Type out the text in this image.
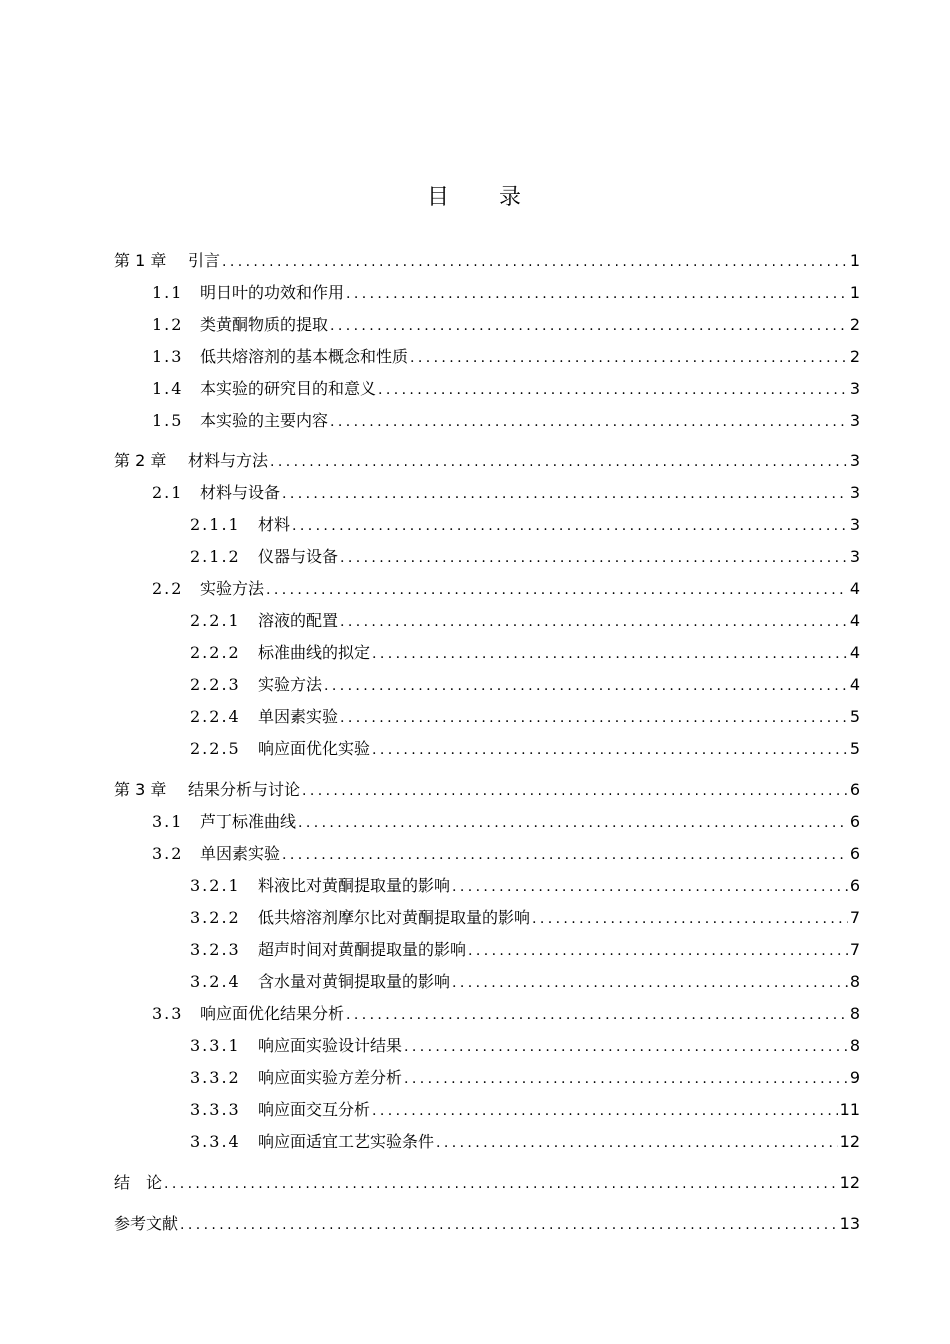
目 录
第 1 章	引言 .....	1
1.1	明日叶的功效和作用 .....	1
1.2	类黄酮物质的提取 .....	2
1.3	低共熔溶剂的基本概念和性质 .....	2
1.4	本实验的研究目的和意义 .....	3
1.5	本实验的主要内容 .....	3
第 2 章	材料与方法 .....	3
2.1	材料与设备 .....	3
2.1.1	材料 .....	3
2.1.2	仪器与设备 .....	3
2.2	实验方法 .....	4
2.2.1	溶液的配置 .....	4
2.2.2	标准曲线的拟定 .....	4
2.2.3	实验方法 .....	4
2.2.4	单因素实验 .....	5
2.2.5	响应面优化实验 .....	5
第 3 章	结果分析与讨论 .....	6
3.1	芦丁标准曲线 .....	6
3.2	单因素实验 .....	6
3.2.1	料液比对黄酮提取量的影响 .....	6
3.2.2	低共熔溶剂摩尔比对黄酮提取量的影响 .....	7
3.2.3	超声时间对黄酮提取量的影响 .....	7
3.2.4	含水量对黄铜提取量的影响 .....	8
3.3	响应面优化结果分析 .....	8
3.3.1	响应面实验设计结果 .....	8
3.3.2	响应面实验方差分析 .....	9
3.3.3	响应面交互分析 .....	11
3.3.4	响应面适宜工艺实验条件 .....	12
结　论 .....	12
参考文献 .....	13
